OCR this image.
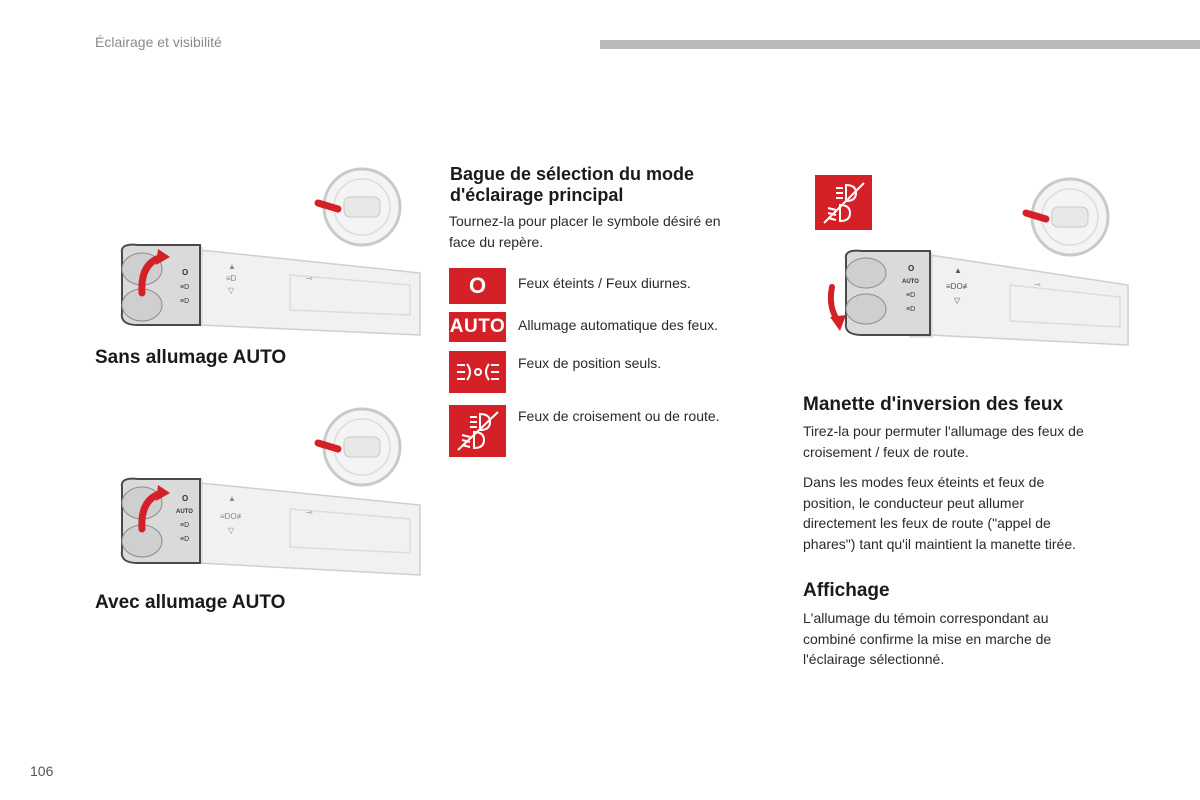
Éclairage et visibilité
O
≡D
≡D
▲
≡D
▽
⊸
Sans allumage AUTO
O
AUTO
≡D
≡D
▲
≡DO≢
▽
⊸
Avec allumage AUTO
Bague de sélection du mode
d'éclairage principal
Tournez-la pour placer le symbole désiré en
face du repère.
O Feux éteints / Feux diurnes.
AUTO Allumage automatique des feux.
Feux de position seuls.
Feux de croisement ou de route.
O
AUTO
≡D
≡D
▲
≡DO≢
▽
⊸
Manette d'inversion des feux
Tirez-la pour permuter l'allumage des feux de
croisement / feux de route.
Dans les modes feux éteints et feux de
position, le conducteur peut allumer
directement les feux de route ("appel de
phares") tant qu'il maintient la manette tirée.
Affichage
L'allumage du témoin correspondant au
combiné confirme la mise en marche de
l'éclairage sélectionné.
106
